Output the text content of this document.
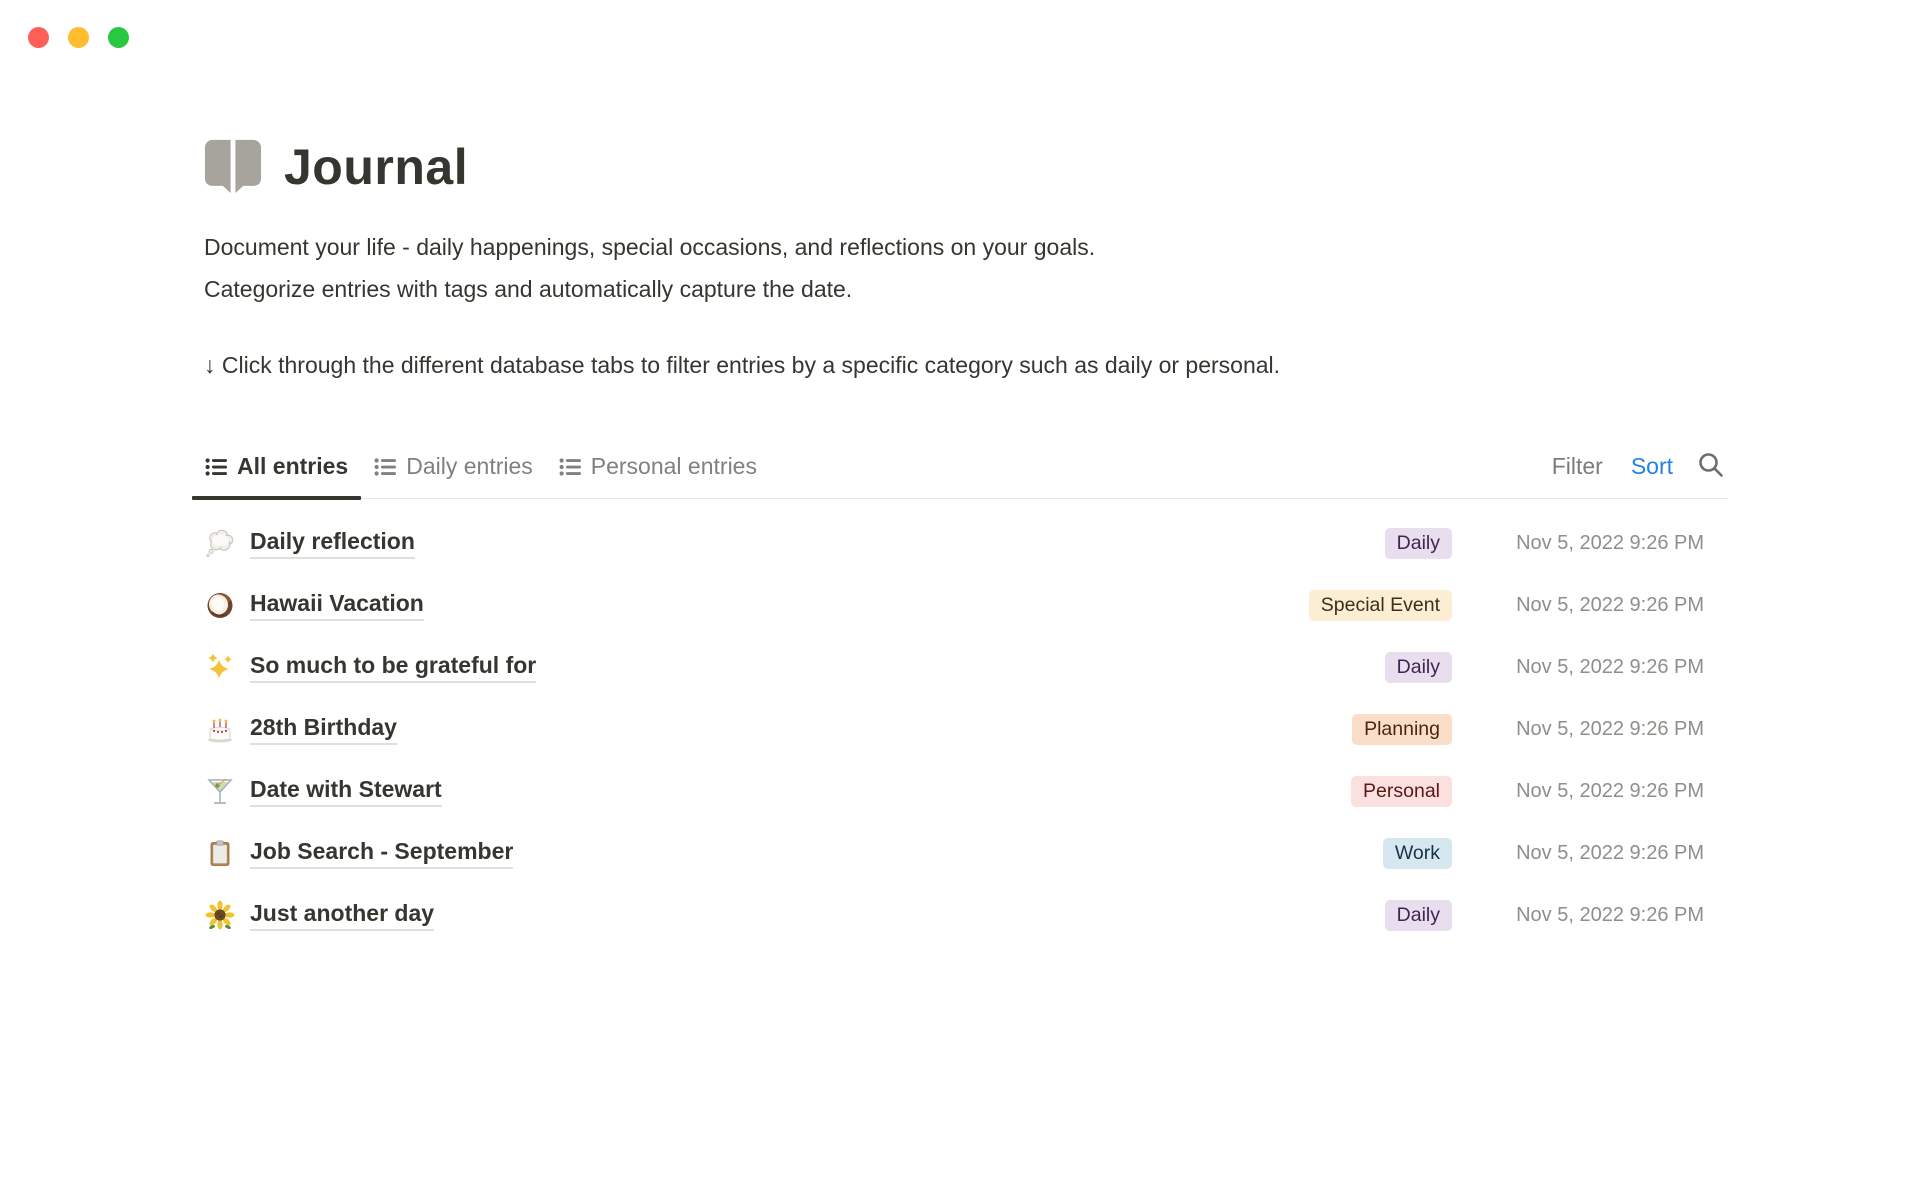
Journal
Document your life - daily happenings, special occasions, and reflections on your goals.
Categorize entries with tags and automatically capture the date.
↓ Click through the different database tabs to filter entries by a specific category such as daily or personal.
All entries	Daily entries	Personal entries	Filter	Sort
Daily reflection	Daily	Nov 5, 2022 9:26 PM
Hawaii Vacation	Special Event	Nov 5, 2022 9:26 PM
So much to be grateful for	Daily	Nov 5, 2022 9:26 PM
28th Birthday	Planning	Nov 5, 2022 9:26 PM
Date with Stewart	Personal	Nov 5, 2022 9:26 PM
Job Search - September	Work	Nov 5, 2022 9:26 PM
Just another day	Daily	Nov 5, 2022 9:26 PM
